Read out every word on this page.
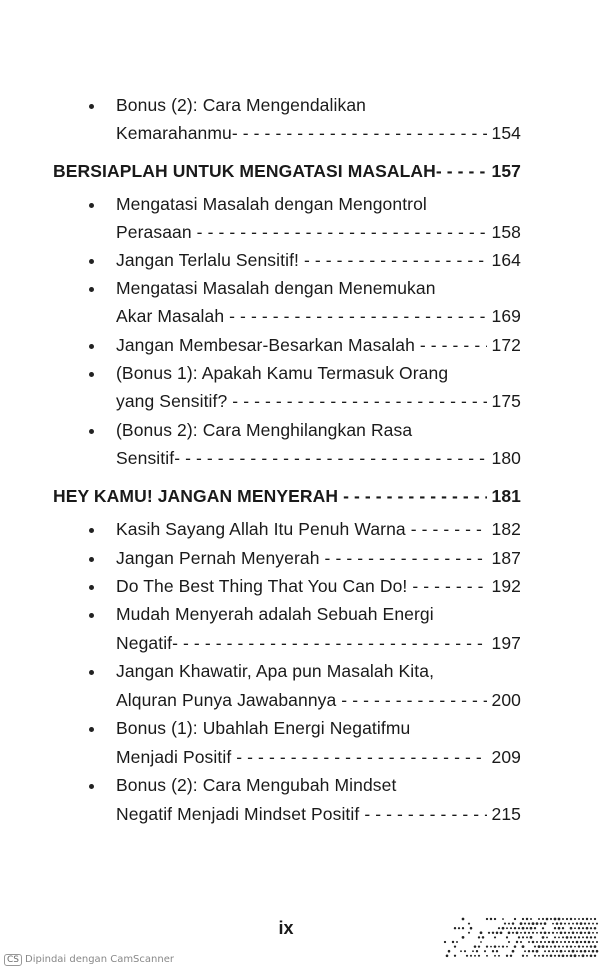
Bonus (2): Cara Mengendalikan
Kemarahanmu- - - -	154
BERSIAPLAH UNTUK MENGATASI MASALAH- - - -	157
Mengatasi Masalah dengan Mengontrol
Perasaan - - -	158
Jangan Terlalu Sensitif! - - -	164
Mengatasi Masalah dengan Menemukan
Akar Masalah - - -	169
Jangan Membesar-Besarkan Masalah - - -	172
(Bonus 1): Apakah Kamu Termasuk Orang
yang Sensitif? - - -	175
(Bonus 2): Cara Menghilangkan Rasa
Sensitif- - - -	180
HEY KAMU! JANGAN MENYERAH - - -	181
Kasih Sayang Allah Itu Penuh Warna - - -	182
Jangan Pernah Menyerah - - -	187
Do The Best Thing That You Can Do! - - -	192
Mudah Menyerah adalah Sebuah Energi
Negatif- - - -	197
Jangan Khawatir, Apa pun Masalah Kita,
Alquran Punya Jawabannya - - -	200
Bonus (1): Ubahlah Energi Negatifmu
Menjadi Positif - - -	209
Bonus (2): Cara Mengubah Mindset
Negatif Menjadi Mindset Positif - - -	215
ix
CS Dipindai dengan CamScanner
